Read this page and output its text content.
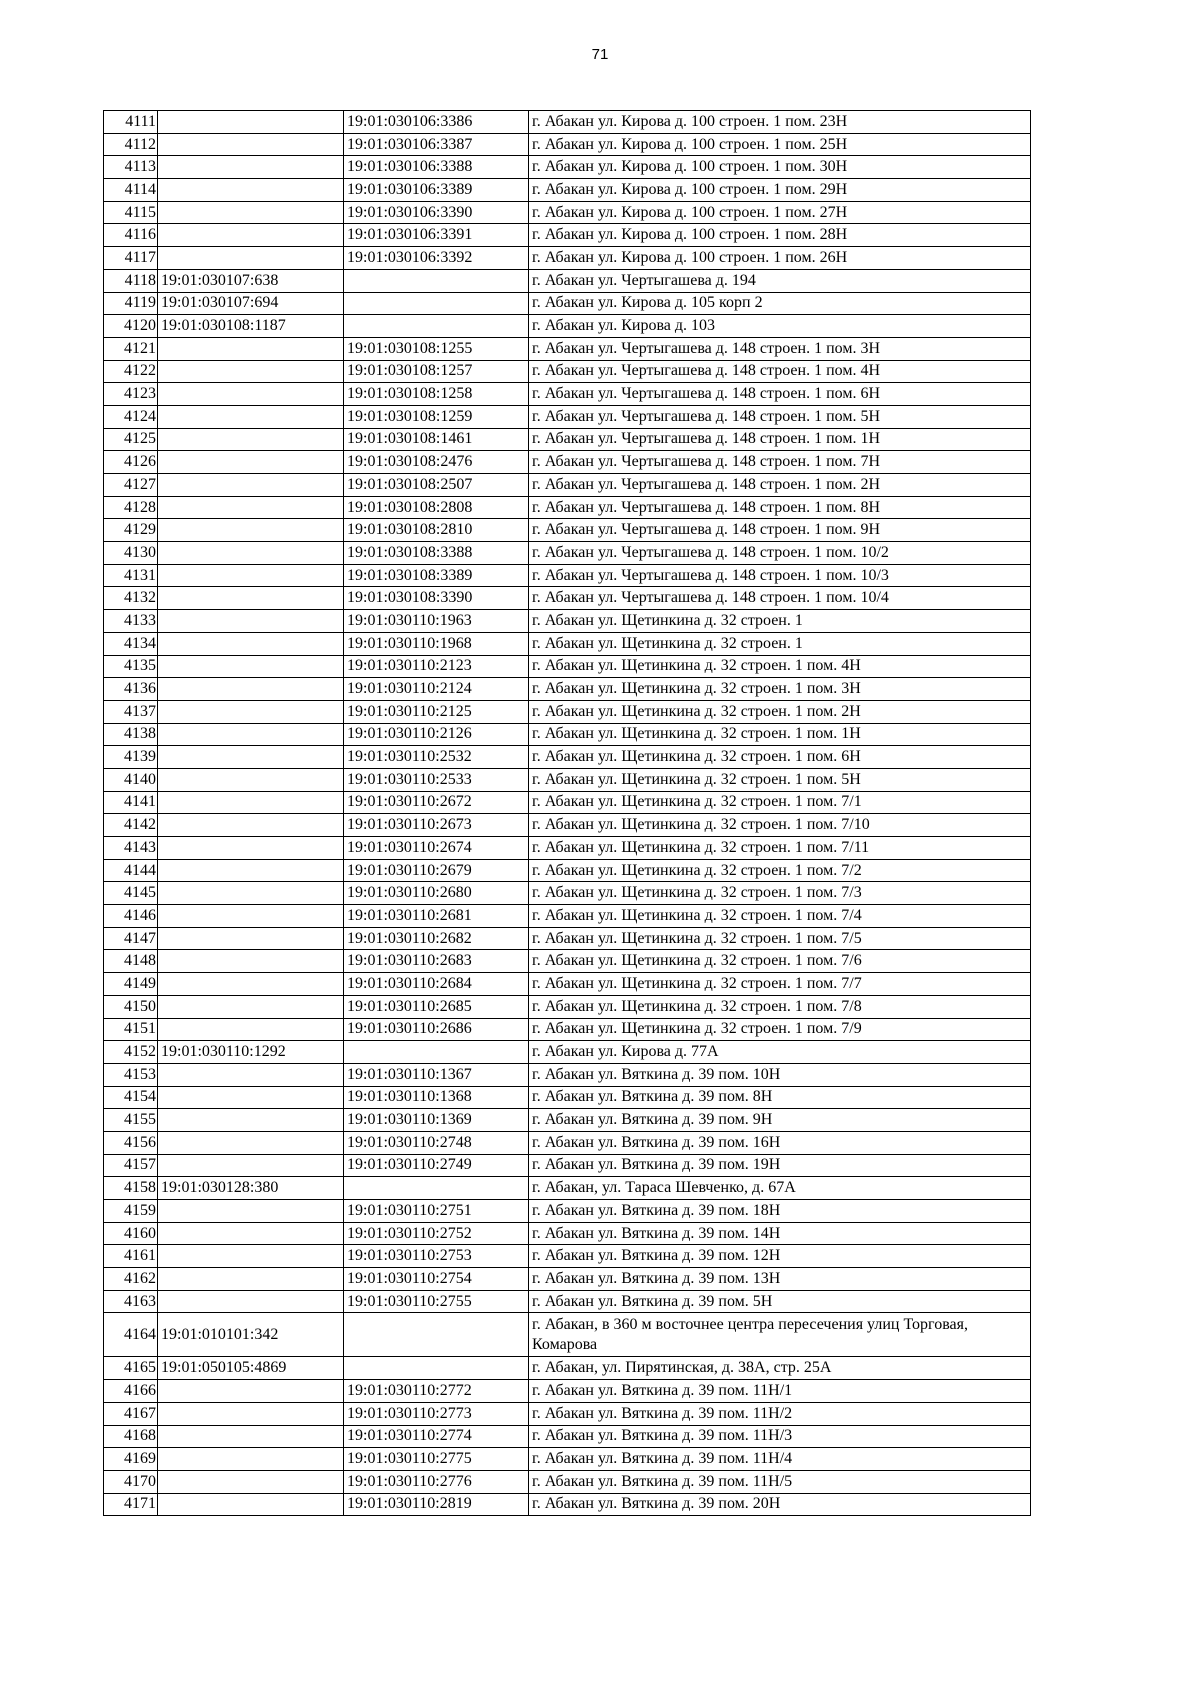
71
4111		19:01:030106:3386	г. Абакан ул. Кирова д. 100 строен. 1 пом. 23Н
4112		19:01:030106:3387	г. Абакан ул. Кирова д. 100 строен. 1 пом. 25Н
4113		19:01:030106:3388	г. Абакан ул. Кирова д. 100 строен. 1 пом. 30Н
4114		19:01:030106:3389	г. Абакан ул. Кирова д. 100 строен. 1 пом. 29Н
4115		19:01:030106:3390	г. Абакан ул. Кирова д. 100 строен. 1 пом. 27Н
4116		19:01:030106:3391	г. Абакан ул. Кирова д. 100 строен. 1 пом. 28Н
4117		19:01:030106:3392	г. Абакан ул. Кирова д. 100 строен. 1 пом. 26Н
4118	19:01:030107:638		г. Абакан ул. Чертыгашева д. 194
4119	19:01:030107:694		г. Абакан ул. Кирова д. 105 корп 2
4120	19:01:030108:1187		г. Абакан ул. Кирова д. 103
4121		19:01:030108:1255	г. Абакан ул. Чертыгашева д. 148 строен. 1 пом. 3Н
4122		19:01:030108:1257	г. Абакан ул. Чертыгашева д. 148 строен. 1 пом. 4Н
4123		19:01:030108:1258	г. Абакан ул. Чертыгашева д. 148 строен. 1 пом. 6Н
4124		19:01:030108:1259	г. Абакан ул. Чертыгашева д. 148 строен. 1 пом. 5Н
4125		19:01:030108:1461	г. Абакан ул. Чертыгашева д. 148 строен. 1 пом. 1Н
4126		19:01:030108:2476	г. Абакан ул. Чертыгашева д. 148 строен. 1 пом. 7Н
4127		19:01:030108:2507	г. Абакан ул. Чертыгашева д. 148 строен. 1 пом. 2Н
4128		19:01:030108:2808	г. Абакан ул. Чертыгашева д. 148 строен. 1 пом. 8Н
4129		19:01:030108:2810	г. Абакан ул. Чертыгашева д. 148 строен. 1 пом. 9Н
4130		19:01:030108:3388	г. Абакан ул. Чертыгашева д. 148 строен. 1 пом. 10/2
4131		19:01:030108:3389	г. Абакан ул. Чертыгашева д. 148 строен. 1 пом. 10/3
4132		19:01:030108:3390	г. Абакан ул. Чертыгашева д. 148 строен. 1 пом. 10/4
4133		19:01:030110:1963	г. Абакан ул. Щетинкина д. 32 строен. 1
4134		19:01:030110:1968	г. Абакан ул. Щетинкина д. 32 строен. 1
4135		19:01:030110:2123	г. Абакан ул. Щетинкина д. 32 строен. 1 пом. 4Н
4136		19:01:030110:2124	г. Абакан ул. Щетинкина д. 32 строен. 1 пом. 3Н
4137		19:01:030110:2125	г. Абакан ул. Щетинкина д. 32 строен. 1 пом. 2Н
4138		19:01:030110:2126	г. Абакан ул. Щетинкина д. 32 строен. 1 пом. 1Н
4139		19:01:030110:2532	г. Абакан ул. Щетинкина д. 32 строен. 1 пом. 6Н
4140		19:01:030110:2533	г. Абакан ул. Щетинкина д. 32 строен. 1 пом. 5Н
4141		19:01:030110:2672	г. Абакан ул. Щетинкина д. 32 строен. 1 пом. 7/1
4142		19:01:030110:2673	г. Абакан ул. Щетинкина д. 32 строен. 1 пом. 7/10
4143		19:01:030110:2674	г. Абакан ул. Щетинкина д. 32 строен. 1 пом. 7/11
4144		19:01:030110:2679	г. Абакан ул. Щетинкина д. 32 строен. 1 пом. 7/2
4145		19:01:030110:2680	г. Абакан ул. Щетинкина д. 32 строен. 1 пом. 7/3
4146		19:01:030110:2681	г. Абакан ул. Щетинкина д. 32 строен. 1 пом. 7/4
4147		19:01:030110:2682	г. Абакан ул. Щетинкина д. 32 строен. 1 пом. 7/5
4148		19:01:030110:2683	г. Абакан ул. Щетинкина д. 32 строен. 1 пом. 7/6
4149		19:01:030110:2684	г. Абакан ул. Щетинкина д. 32 строен. 1 пом. 7/7
4150		19:01:030110:2685	г. Абакан ул. Щетинкина д. 32 строен. 1 пом. 7/8
4151		19:01:030110:2686	г. Абакан ул. Щетинкина д. 32 строен. 1 пом. 7/9
4152	19:01:030110:1292		г. Абакан ул. Кирова д. 77А
4153		19:01:030110:1367	г. Абакан ул. Вяткина д. 39 пом. 10Н
4154		19:01:030110:1368	г. Абакан ул. Вяткина д. 39 пом. 8Н
4155		19:01:030110:1369	г. Абакан ул. Вяткина д. 39 пом. 9Н
4156		19:01:030110:2748	г. Абакан ул. Вяткина д. 39 пом. 16Н
4157		19:01:030110:2749	г. Абакан ул. Вяткина д. 39 пом. 19Н
4158	19:01:030128:380		г. Абакан, ул. Тараса Шевченко, д. 67А
4159		19:01:030110:2751	г. Абакан ул. Вяткина д. 39 пом. 18Н
4160		19:01:030110:2752	г. Абакан ул. Вяткина д. 39 пом. 14Н
4161		19:01:030110:2753	г. Абакан ул. Вяткина д. 39 пом. 12Н
4162		19:01:030110:2754	г. Абакан ул. Вяткина д. 39 пом. 13Н
4163		19:01:030110:2755	г. Абакан ул. Вяткина д. 39 пом. 5Н
4164	19:01:010101:342		г. Абакан, в 360 м восточнее центра пересечения улиц Торговая, Комарова
4165	19:01:050105:4869		г. Абакан, ул. Пирятинская, д. 38А, стр. 25А
4166		19:01:030110:2772	г. Абакан ул. Вяткина д. 39 пом. 11Н/1
4167		19:01:030110:2773	г. Абакан ул. Вяткина д. 39 пом. 11Н/2
4168		19:01:030110:2774	г. Абакан ул. Вяткина д. 39 пом. 11Н/3
4169		19:01:030110:2775	г. Абакан ул. Вяткина д. 39 пом. 11Н/4
4170		19:01:030110:2776	г. Абакан ул. Вяткина д. 39 пом. 11Н/5
4171		19:01:030110:2819	г. Абакан ул. Вяткина д. 39 пом. 20Н
